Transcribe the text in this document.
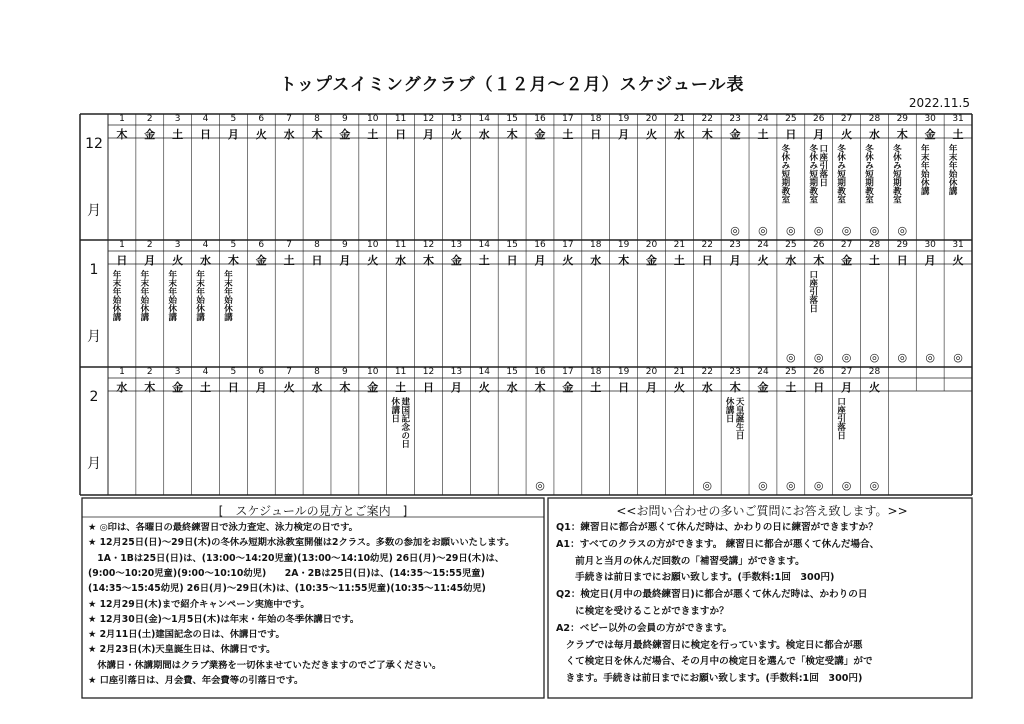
トップスイミングクラブ（１２月～２月）スケジュール表
2022.11.5
12
月
1
木
2
金
3
土
4
日
5
月
6
火
7
水
8
木
9
金
10
土
11
日
12
月
13
火
14
水
15
木
16
金
17
土
18
日
19
月
20
火
21
水
22
木
23
金
◎
24
土
◎
25
日
冬休み短期教室
◎
26
月
口座引落日
冬休み短期教室
◎
27
火
冬休み短期教室
◎
28
水
冬休み短期教室
◎
29
木
冬休み短期教室
◎
30
金
年末年始休講
31
土
年末年始休講
1
月
1
日
年末年始休講
2
月
年末年始休講
3
火
年末年始休講
4
水
年末年始休講
5
木
年末年始休講
6
金
7
土
8
日
9
月
10
火
11
水
12
木
13
金
14
土
15
日
16
月
17
火
18
水
19
木
20
金
21
土
22
日
23
月
24
火
25
水
◎
26
木
口座引落日
◎
27
金
◎
28
土
◎
29
日
◎
30
月
◎
31
火
◎
2
月
1
水
2
木
3
金
4
土
5
日
6
月
7
火
8
水
9
木
10
金
11
土
建国記念の日
休講日
12
日
13
月
14
火
15
水
16
木
◎
17
金
18
土
19
日
20
月
21
火
22
水
◎
23
木
天皇誕生日
休講日
24
金
◎
25
土
◎
26
日
◎
27
月
口座引落日
◎
28
火
◎
[　スケジュールの見方とご案内　]
★ ◎印は、各曜日の最終練習日で泳力査定、泳力検定の日です。
★ 12月25日(日)～29日(木)の冬休み短期水泳教室開催は2クラス。多数の参加をお願いいたします。
　1A・1Bは25日(日)は、(13:00～14:20児童)(13:00～14:10幼児) 26日(月)～29日(木)は、
(9:00～10:20児童)(9:00～10:10幼児)　　2A・2Bは25日(日)は、(14:35～15:55児童)
(14:35～15:45幼児) 26日(月)～29日(木)は、(10:35～11:55児童)(10:35～11:45幼児)
★ 12月29日(木)まで紹介キャンペーン実施中です。
★ 12月30日(金)～1月5日(木)は年末・年始の冬季休講日です。
★ 2月11日(土)建国記念の日は、休講日です。
★ 2月23日(木)天皇誕生日は、休講日です。
　休講日・休講期間はクラブ業務を一切休ませていただきますのでご了承ください。
★ 口座引落日は、月会費、年会費等の引落日です。
<<お問い合わせの多いご質問にお答え致します。>>
Q1：練習日に都合が悪くて休んだ時は、かわりの日に練習ができますか？
A1：すべてのクラスの方ができます。 練習日に都合が悪くて休んだ場合、
　　前月と当月の休んだ回数の「補習受講」ができます。
　　手続きは前日までにお願い致します。(手数料:1回　300円)
Q2：検定日(月中の最終練習日)に都合が悪くて休んだ時は、かわりの日
　　に検定を受けることができますか？
A2：ベビー以外の会員の方ができます。
　クラブでは毎月最終練習日に検定を行っています。検定日に都合が悪
　くて検定日を休んだ場合、その月中の検定日を選んで「検定受講」がで
　きます。手続きは前日までにお願い致します。(手数料:1回　300円)
